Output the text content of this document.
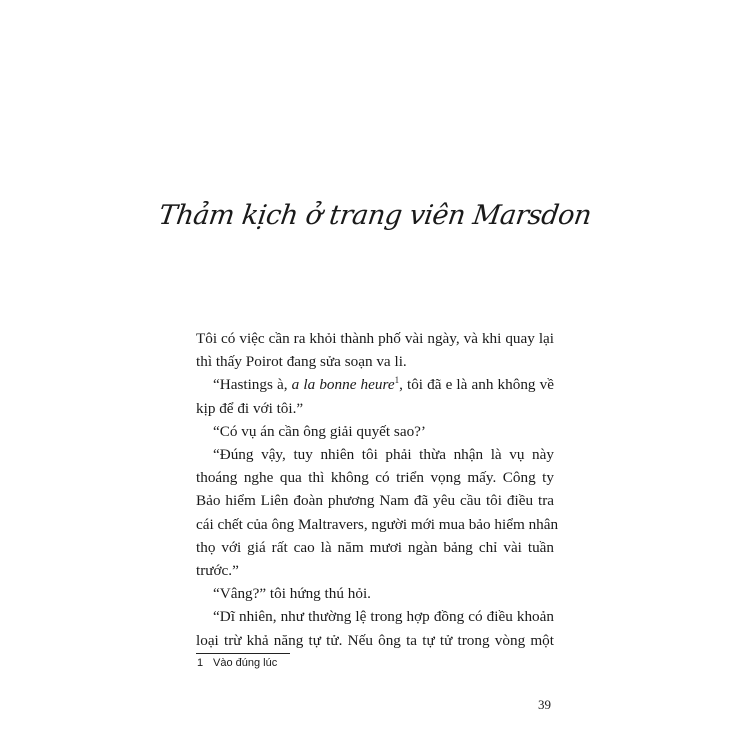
Thảm kịch ở trang viên Marsdon
Tôi có việc cần ra khỏi thành phố vài ngày, và khi quay lại
thì thấy Poirot đang sửa soạn va li.
“Hastings à, a la bonne heure$^1$, tôi đã e là anh không về
kịp để đi với tôi.”
“Có vụ án cần ông giải quyết sao?’
“Đúng vậy, tuy nhiên tôi phải thừa nhận là vụ này
thoáng nghe qua thì không có triển vọng mấy. Công ty
Bảo hiểm Liên đoàn phương Nam đã yêu cầu tôi điều tra
cái chết của ông Maltravers, người mới mua bảo hiểm nhân
thọ với giá rất cao là năm mươi ngàn bảng chỉ vài tuần
trước.”
“Vâng?” tôi hứng thú hỏi.
“Dĩ nhiên, như thường lệ trong hợp đồng có điều khoản
loại trừ khả năng tự tử. Nếu ông ta tự tử trong vòng một
1 Vào đúng lúc
39
